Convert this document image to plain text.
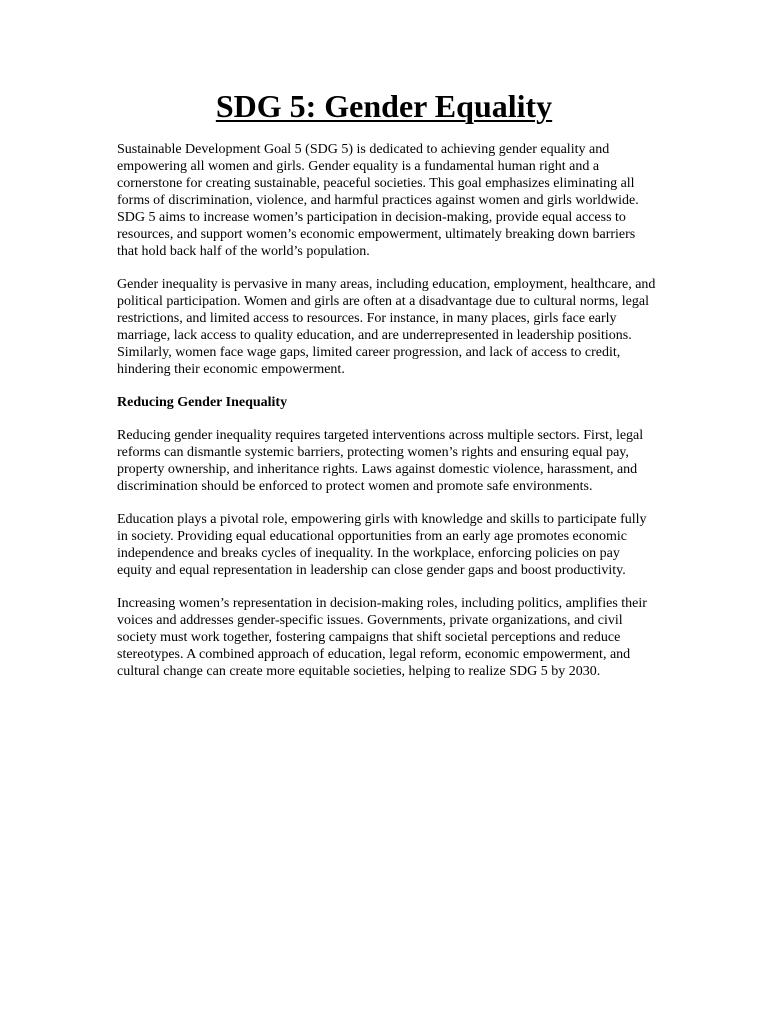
SDG 5: Gender Equality

Sustainable Development Goal 5 (SDG 5) is dedicated to achieving gender equality and empowering all women and girls. Gender equality is a fundamental human right and a cornerstone for creating sustainable, peaceful societies. This goal emphasizes eliminating all forms of discrimination, violence, and harmful practices against women and girls worldwide. SDG 5 aims to increase women’s participation in decision-making, provide equal access to resources, and support women’s economic empowerment, ultimately breaking down barriers that hold back half of the world’s population.

Gender inequality is pervasive in many areas, including education, employment, healthcare, and political participation. Women and girls are often at a disadvantage due to cultural norms, legal restrictions, and limited access to resources. For instance, in many places, girls face early marriage, lack access to quality education, and are underrepresented in leadership positions. Similarly, women face wage gaps, limited career progression, and lack of access to credit, hindering their economic empowerment.

Reducing Gender Inequality

Reducing gender inequality requires targeted interventions across multiple sectors. First, legal reforms can dismantle systemic barriers, protecting women’s rights and ensuring equal pay, property ownership, and inheritance rights. Laws against domestic violence, harassment, and discrimination should be enforced to protect women and promote safe environments.

Education plays a pivotal role, empowering girls with knowledge and skills to participate fully in society. Providing equal educational opportunities from an early age promotes economic independence and breaks cycles of inequality. In the workplace, enforcing policies on pay equity and equal representation in leadership can close gender gaps and boost productivity.

Increasing women’s representation in decision-making roles, including politics, amplifies their voices and addresses gender-specific issues. Governments, private organizations, and civil society must work together, fostering campaigns that shift societal perceptions and reduce stereotypes. A combined approach of education, legal reform, economic empowerment, and cultural change can create more equitable societies, helping to realize SDG 5 by 2030.
